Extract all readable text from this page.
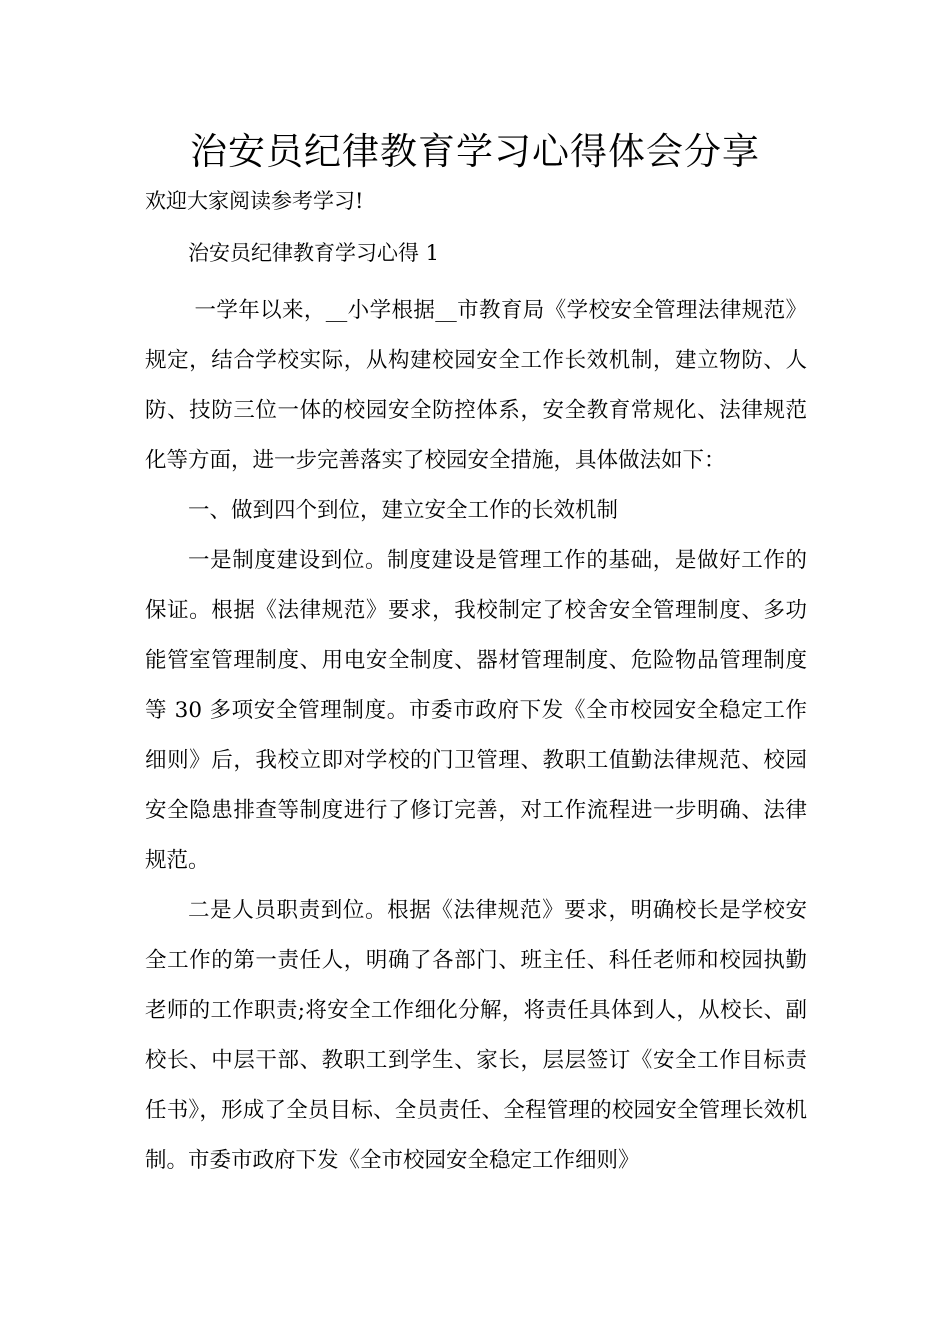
治安员纪律教育学习心得体会分享

欢迎大家阅读参考学习!

治安员纪律教育学习心得 1

一学年以来，__小学根据__市教育局《学校安全管理法律规范》规定，结合学校实际，从构建校园安全工作长效机制，建立物防、人防、技防三位一体的校园安全防控体系，安全教育常规化、法律规范化等方面，进一步完善落实了校园安全措施，具体做法如下：

一、做到四个到位，建立安全工作的长效机制

一是制度建设到位。制度建设是管理工作的基础，是做好工作的保证。根据《法律规范》要求，我校制定了校舍安全管理制度、多功能管室管理制度、用电安全制度、器材管理制度、危险物品管理制度等 30 多项安全管理制度。市委市政府下发《全市校园安全稳定工作细则》后，我校立即对学校的门卫管理、教职工值勤法律规范、校园安全隐患排查等制度进行了修订完善，对工作流程进一步明确、法律规范。

二是人员职责到位。根据《法律规范》要求，明确校长是学校安全工作的第一责任人，明确了各部门、班主任、科任老师和校园执勤老师的工作职责;将安全工作细化分解，将责任具体到人，从校长、副校长、中层干部、教职工到学生、家长，层层签订《安全工作目标责任书》，形成了全员目标、全员责任、全程管理的校园安全管理长效机制。市委市政府下发《全市校园安全稳定工作细则》
